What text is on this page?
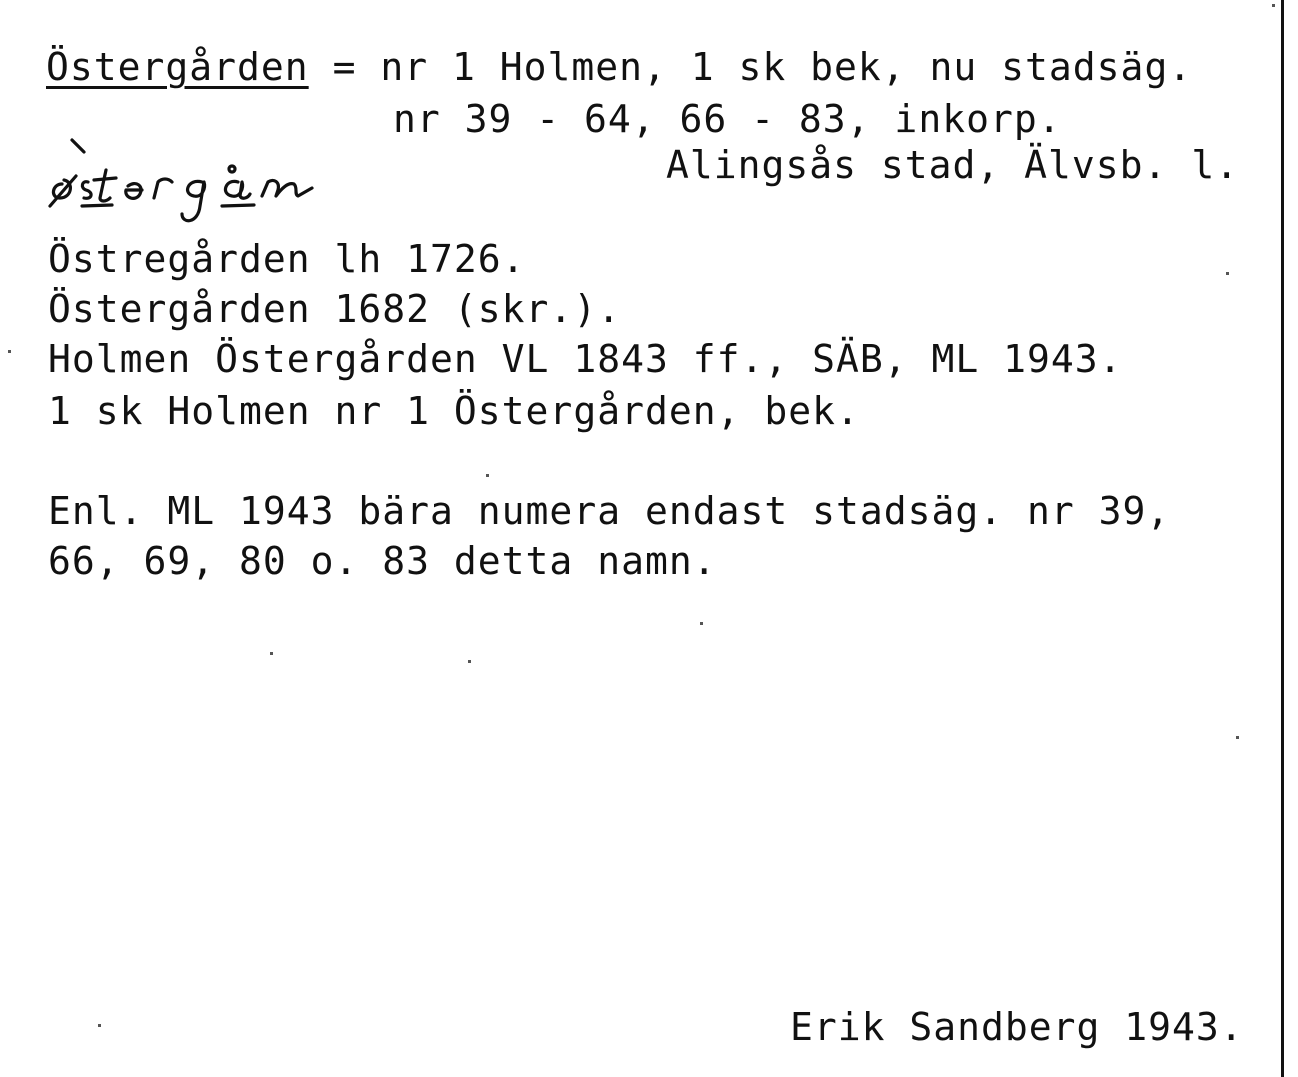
Östergården = nr 1 Holmen, 1 sk bek, nu stadsäg.
nr 39 - 64, 66 - 83, inkorp.
Alingsås stad, Älvsb. l.
Östregården lh 1726.
Östergården 1682 (skr.).
Holmen Östergården VL 1843 ff., SÄB, ML 1943.
1 sk Holmen nr 1 Östergården, bek.
Enl. ML 1943 bära numera endast stadsäg. nr 39,
66, 69, 80 o. 83 detta namn.
Erik Sandberg 1943.
